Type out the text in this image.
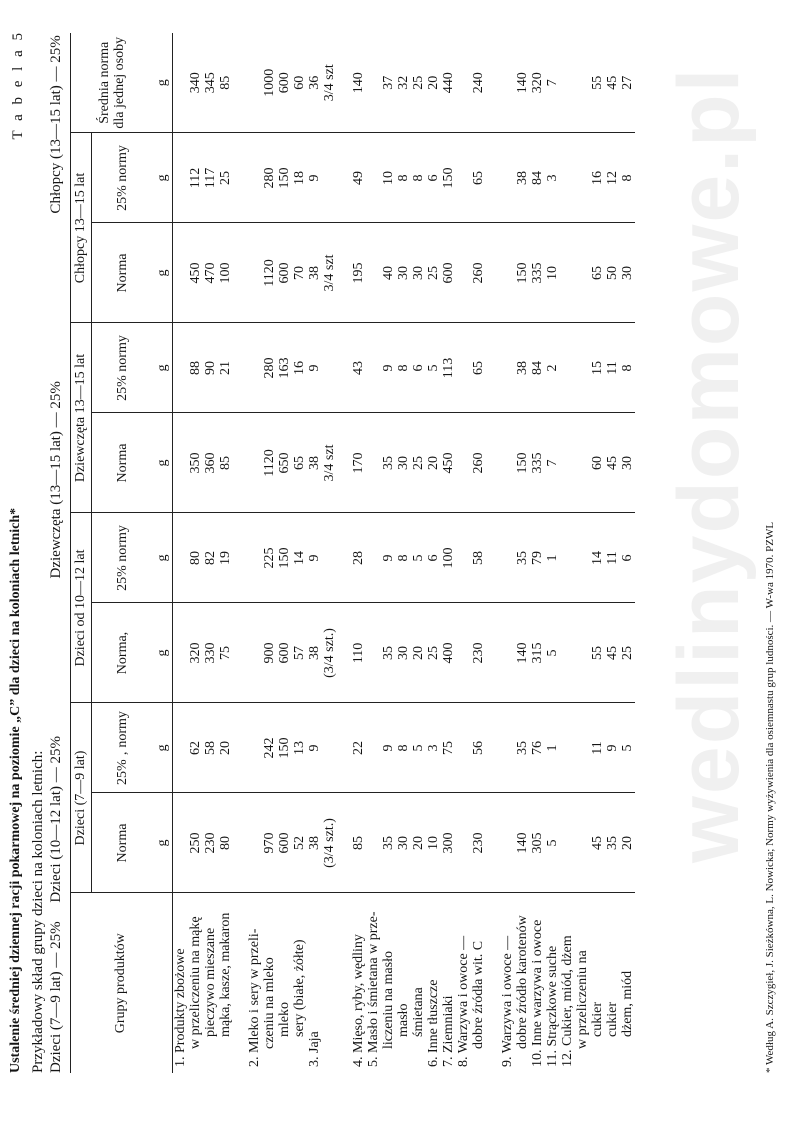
T a b e l a 5
Ustalenie średniej dziennej racji pokarmowej na poziomie „C” dla dzieci na koloniach letnich* Przykładowy skład grupy dzieci na koloniach letnich: Dzieci (7—9 lat) — 25%     Dzieci (10—12 lat) — 25%  Dziewczęta (13—15 lat) — 25%  Chłopcy (13—15 lat) — 25%
Grupy produktów	Dzieci (7—9 lat)		Dzieci od 10—12 lat		Dziewczęta 13—15 lat		Chłopcy 13—15 lat		Średnia norma dla jednej osoby
	Norma	25% ‚ normy	Norma,	25% normy	Norma	25% normy	Norma	25% normy	
	g	g	g	g	g	g	g	g	g
1. Produkty zbożowe									
w przeliczeniu na mąkę	250	62	320	80	350	88	450	112	340
pieczywo mieszane	230	58	330	82	360	90	470	117	345
mąka, kasze, makaron	80	20	75	19	85	21	100	25	85

2. Mleko i sery w przeli-									
czeniu na mleko	970	242	900	225	1120	280	1120	280	1000
mleko	600	150	600	150	650	163	600	150	600
sery (białe, żółte)	52	13	57	14	65	16	70	18	60
3. Jaja	38	9	38	9	38	9	38	9	36
	(3/4 szt.)		(3/4 szt.)		3/4 szt		3/4 szt		3/4 szt

4. Mięso, ryby, wędliny	85	22	110	28	170	43	195	49	140
5. Masło i śmietana w prze-									
liczeniu na masło	35	9	35	9	35	9	40	10	37
masło	30	8	30	8	30	8	30	8	32
śmietana	20	5	20	5	25	6	30	8	25
6. Inne tłuszcze	10	3	25	6	20	5	25	6	20
7. Ziemniaki	300	75	400	100	450	113	600	150	440
8. Warzywa i owoce —									
dobre źródła wit. C	230	56	230	58	260	65	260	65	240

9. Warzywa i owoce —									
dobre źródło karotenów	140	35	140	35	150	38	150	38	140
10. Inne warzywa i owoce	305	76	315	79	335	84	335	84	320
11. Strączkowe suche	5	1	5	1	7	2	10	3	7
12. Cukier, miód, dżem									
w przeliczeniu na									
cukier	45	11	55	14	60	15	65	16	55
cukier	35	9	45	11	45	11	50	12	45
dżem, miód	20	5	25	6	30	8	30	8	27
* Według A. Szczygieł, J. Sieżkówna, L. Nowicka; Normy wyżywienia dla osiemnastu grup ludności. — W-wa 1970. PZWL
wedlinydomowe.pl
